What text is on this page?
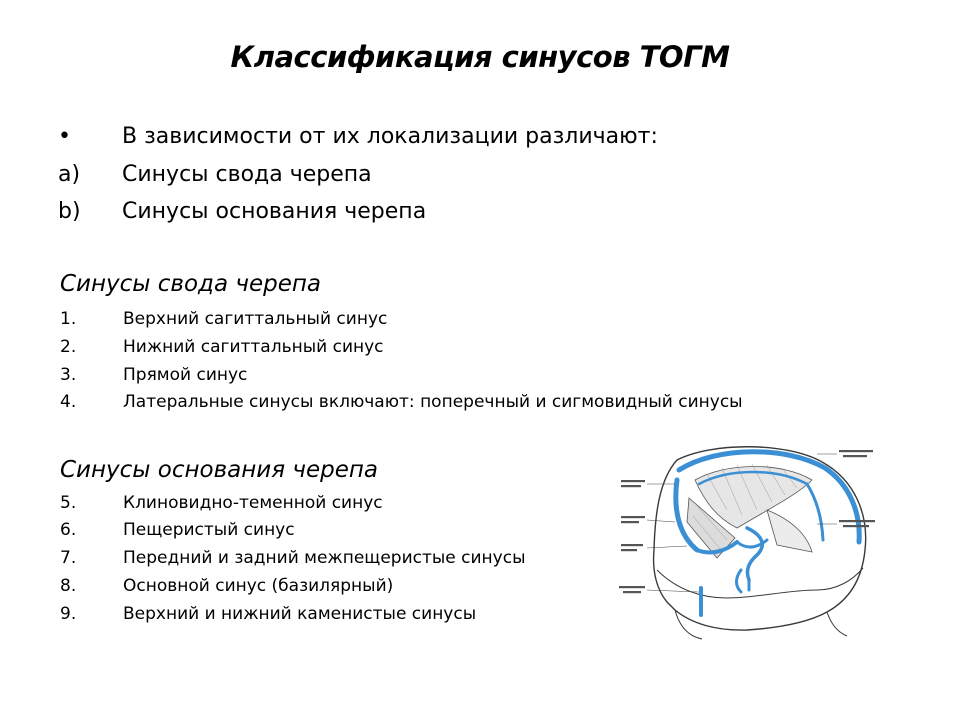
Классификация синусов ТОГМ
• В зависимости от их локализации различают:
a) Синусы свода черепа
b) Синусы основания черепа
Синусы свода черепа
1.	Верхний сагиттальный синус
2.	Нижний сагиттальный синус
3.	Прямой синус
4.	Латеральные синусы включают: поперечный и сигмовидный синусы
Синусы основания черепа
5.	Клиновидно-теменной синус
6.	Пещеристый синус
7.	Передний и задний межпещеристые синусы
8.	Основной синус (базилярный)
9.	Верхний и нижний каменистые синусы
